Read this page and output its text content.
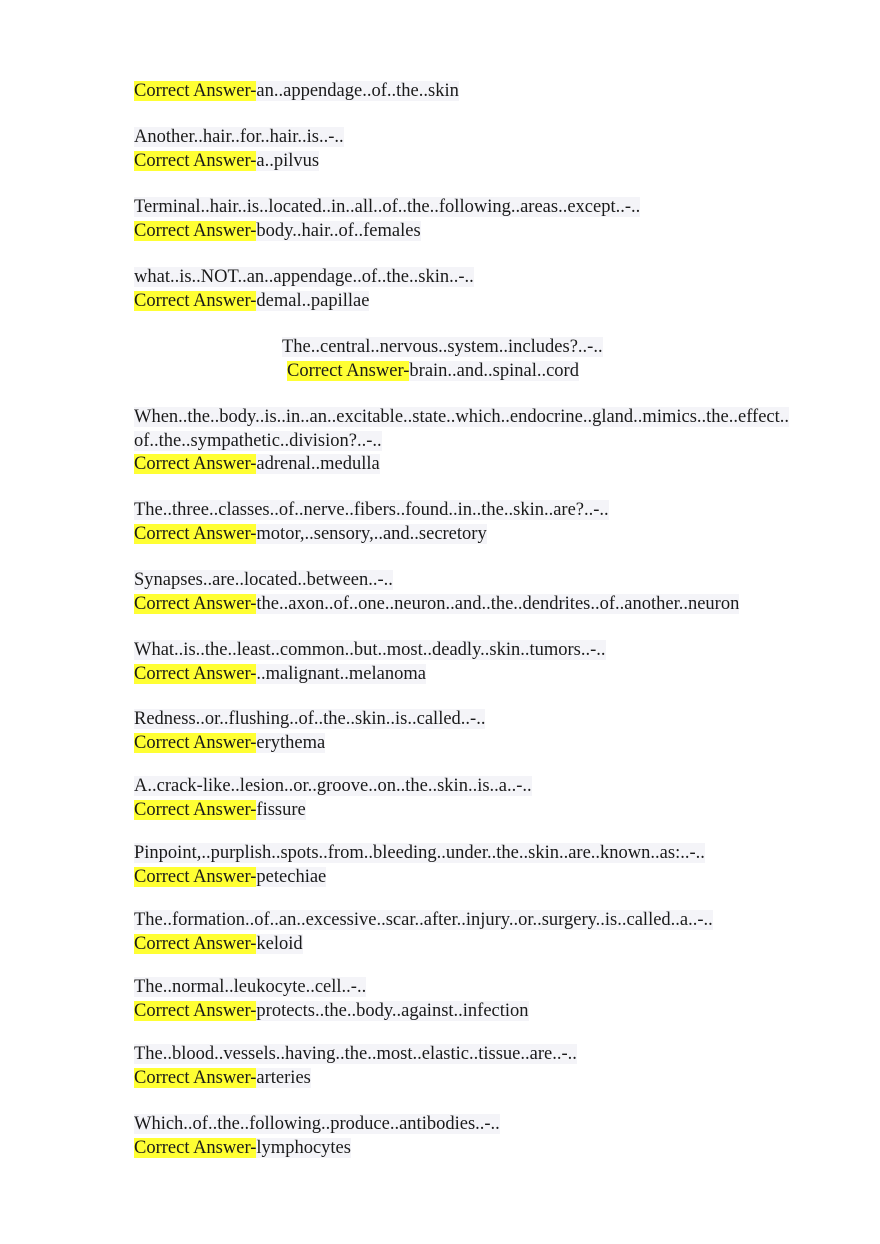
Correct Answer-an..appendage..of..the..skin
Another..hair..for..hair..is..-..
Correct Answer-a..pilvus
Terminal..hair..is..located..in..all..of..the..following..areas..except..-..
Correct Answer-body..hair..of..females
what..is..NOT..an..appendage..of..the..skin..-..
Correct Answer-demal..papillae
The..central..nervous..system..includes?..-..
Correct Answer-brain..and..spinal..cord
When..the..body..is..in..an..excitable..state..which..endocrine..gland..mimics..the..effect..
of..the..sympathetic..division?..-..
Correct Answer-adrenal..medulla
The..three..classes..of..nerve..fibers..found..in..the..skin..are?..-..
Correct Answer-motor,..sensory,..and..secretory
Synapses..are..located..between..-..
Correct Answer-the..axon..of..one..neuron..and..the..dendrites..of..another..neuron
What..is..the..least..common..but..most..deadly..skin..tumors..-..
Correct Answer-..malignant..melanoma
Redness..or..flushing..of..the..skin..is..called..-..
Correct Answer-erythema
A..crack-like..lesion..or..groove..on..the..skin..is..a..-..
Correct Answer-fissure
Pinpoint,..purplish..spots..from..bleeding..under..the..skin..are..known..as:..-..
Correct Answer-petechiae
The..formation..of..an..excessive..scar..after..injury..or..surgery..is..called..a..-..
Correct Answer-keloid
The..normal..leukocyte..cell..-..
Correct Answer-protects..the..body..against..infection
The..blood..vessels..having..the..most..elastic..tissue..are..-..
Correct Answer-arteries
Which..of..the..following..produce..antibodies..-..
Correct Answer-lymphocytes
